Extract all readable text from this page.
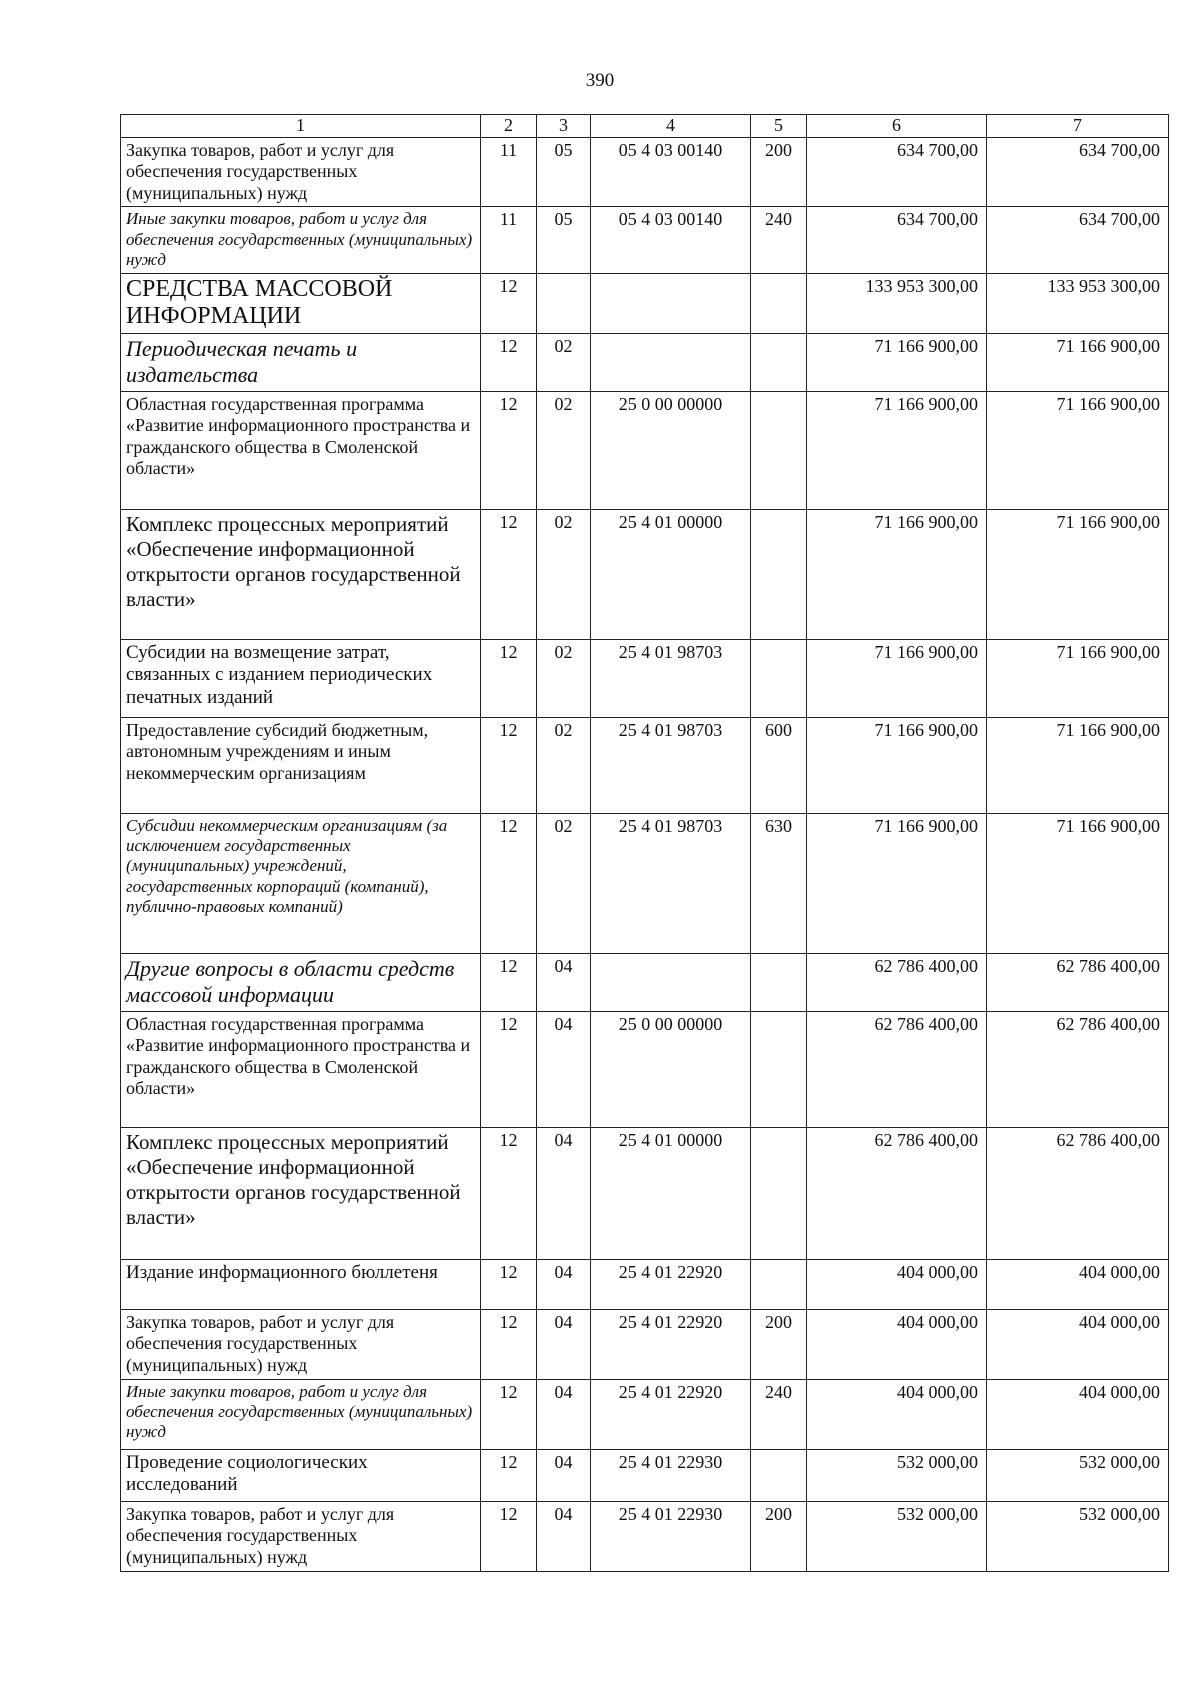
390
1	2	3	4	5	6	7
Закупка товаров, работ и услуг для обеспечения государственных (муниципальных) нужд	11	05	05 4 03 00140	200	634 700,00	634 700,00
Иные закупки товаров, работ и услуг для обеспечения государственных (муниципальных) нужд	11	05	05 4 03 00140	240	634 700,00	634 700,00
СРЕДСТВА МАССОВОЙ ИНФОРМАЦИИ	12				133 953 300,00	133 953 300,00
Периодическая печать и издательства	12	02			71 166 900,00	71 166 900,00
Областная государственная программа «Развитие информационного пространства и гражданского общества в Смоленской области»	12	02	25 0 00 00000		71 166 900,00	71 166 900,00
Комплекс процессных мероприятий «Обеспечение информационной открытости органов государственной власти»	12	02	25 4 01 00000		71 166 900,00	71 166 900,00
Субсидии на возмещение затрат, связанных с изданием периодических печатных изданий	12	02	25 4 01 98703		71 166 900,00	71 166 900,00
Предоставление субсидий бюджетным, автономным учреждениям и иным некоммерческим организациям	12	02	25 4 01 98703	600	71 166 900,00	71 166 900,00
Субсидии некоммерческим организациям (за исключением государственных (муниципальных) учреждений, государственных корпораций (компаний), публично-правовых компаний)	12	02	25 4 01 98703	630	71 166 900,00	71 166 900,00
Другие вопросы в области средств массовой информации	12	04			62 786 400,00	62 786 400,00
Областная государственная программа «Развитие информационного пространства и гражданского общества в Смоленской области»	12	04	25 0 00 00000		62 786 400,00	62 786 400,00
Комплекс процессных мероприятий «Обеспечение информационной открытости органов государственной власти»	12	04	25 4 01 00000		62 786 400,00	62 786 400,00
Издание информационного бюллетеня	12	04	25 4 01 22920		404 000,00	404 000,00
Закупка товаров, работ и услуг для обеспечения государственных (муниципальных) нужд	12	04	25 4 01 22920	200	404 000,00	404 000,00
Иные закупки товаров, работ и услуг для обеспечения государственных (муниципальных) нужд	12	04	25 4 01 22920	240	404 000,00	404 000,00
Проведение социологических исследований	12	04	25 4 01 22930		532 000,00	532 000,00
Закупка товаров, работ и услуг для обеспечения государственных (муниципальных) нужд	12	04	25 4 01 22930	200	532 000,00	532 000,00
